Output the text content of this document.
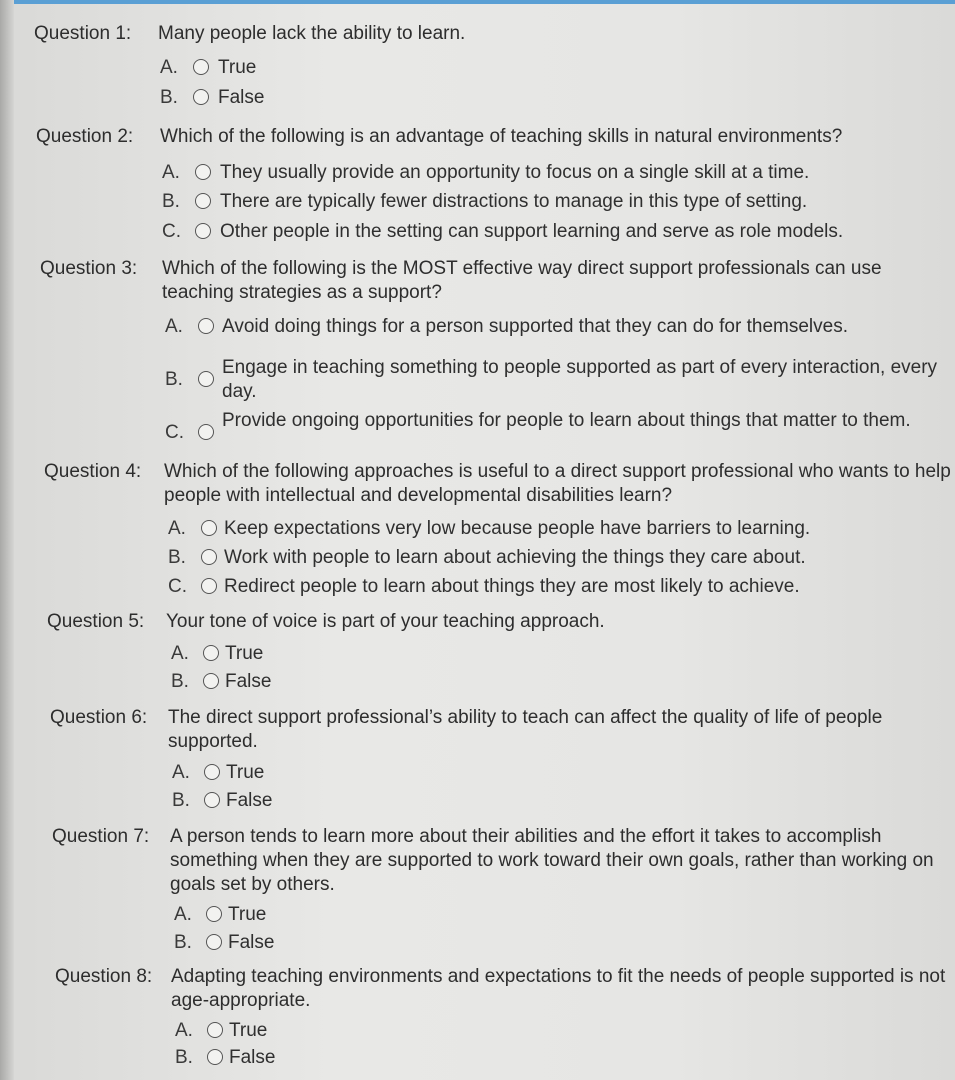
Question 1: Many people lack the ability to learn.
A. True
B. False
Question 2: Which of the following is an advantage of teaching skills in natural environments?
A. They usually provide an opportunity to focus on a single skill at a time.
B. There are typically fewer distractions to manage in this type of setting.
C. Other people in the setting can support learning and serve as role models.
Question 3: Which of the following is the MOST effective way direct support professionals can use teaching strategies as a support?
A. Avoid doing things for a person supported that they can do for themselves.
B.
Engage in teaching something to people supported as part of every interaction, every day.
C.
Provide ongoing opportunities for people to learn about things that matter to them.
Question 4: Which of the following approaches is useful to a direct support professional who wants to help people with intellectual and developmental disabilities learn?
A. Keep expectations very low because people have barriers to learning.
B. Work with people to learn about achieving the things they care about.
C. Redirect people to learn about things they are most likely to achieve.
Question 5: Your tone of voice is part of your teaching approach.
A. True
B. False
Question 6: The direct support professional’s ability to teach can affect the quality of life of people supported.
A. True
B. False
Question 7: A person tends to learn more about their abilities and the effort it takes to accomplish something when they are supported to work toward their own goals, rather than working on goals set by others.
A. True
B. False
Question 8: Adapting teaching environments and expectations to fit the needs of people supported is not age-appropriate.
A. True
B. False
